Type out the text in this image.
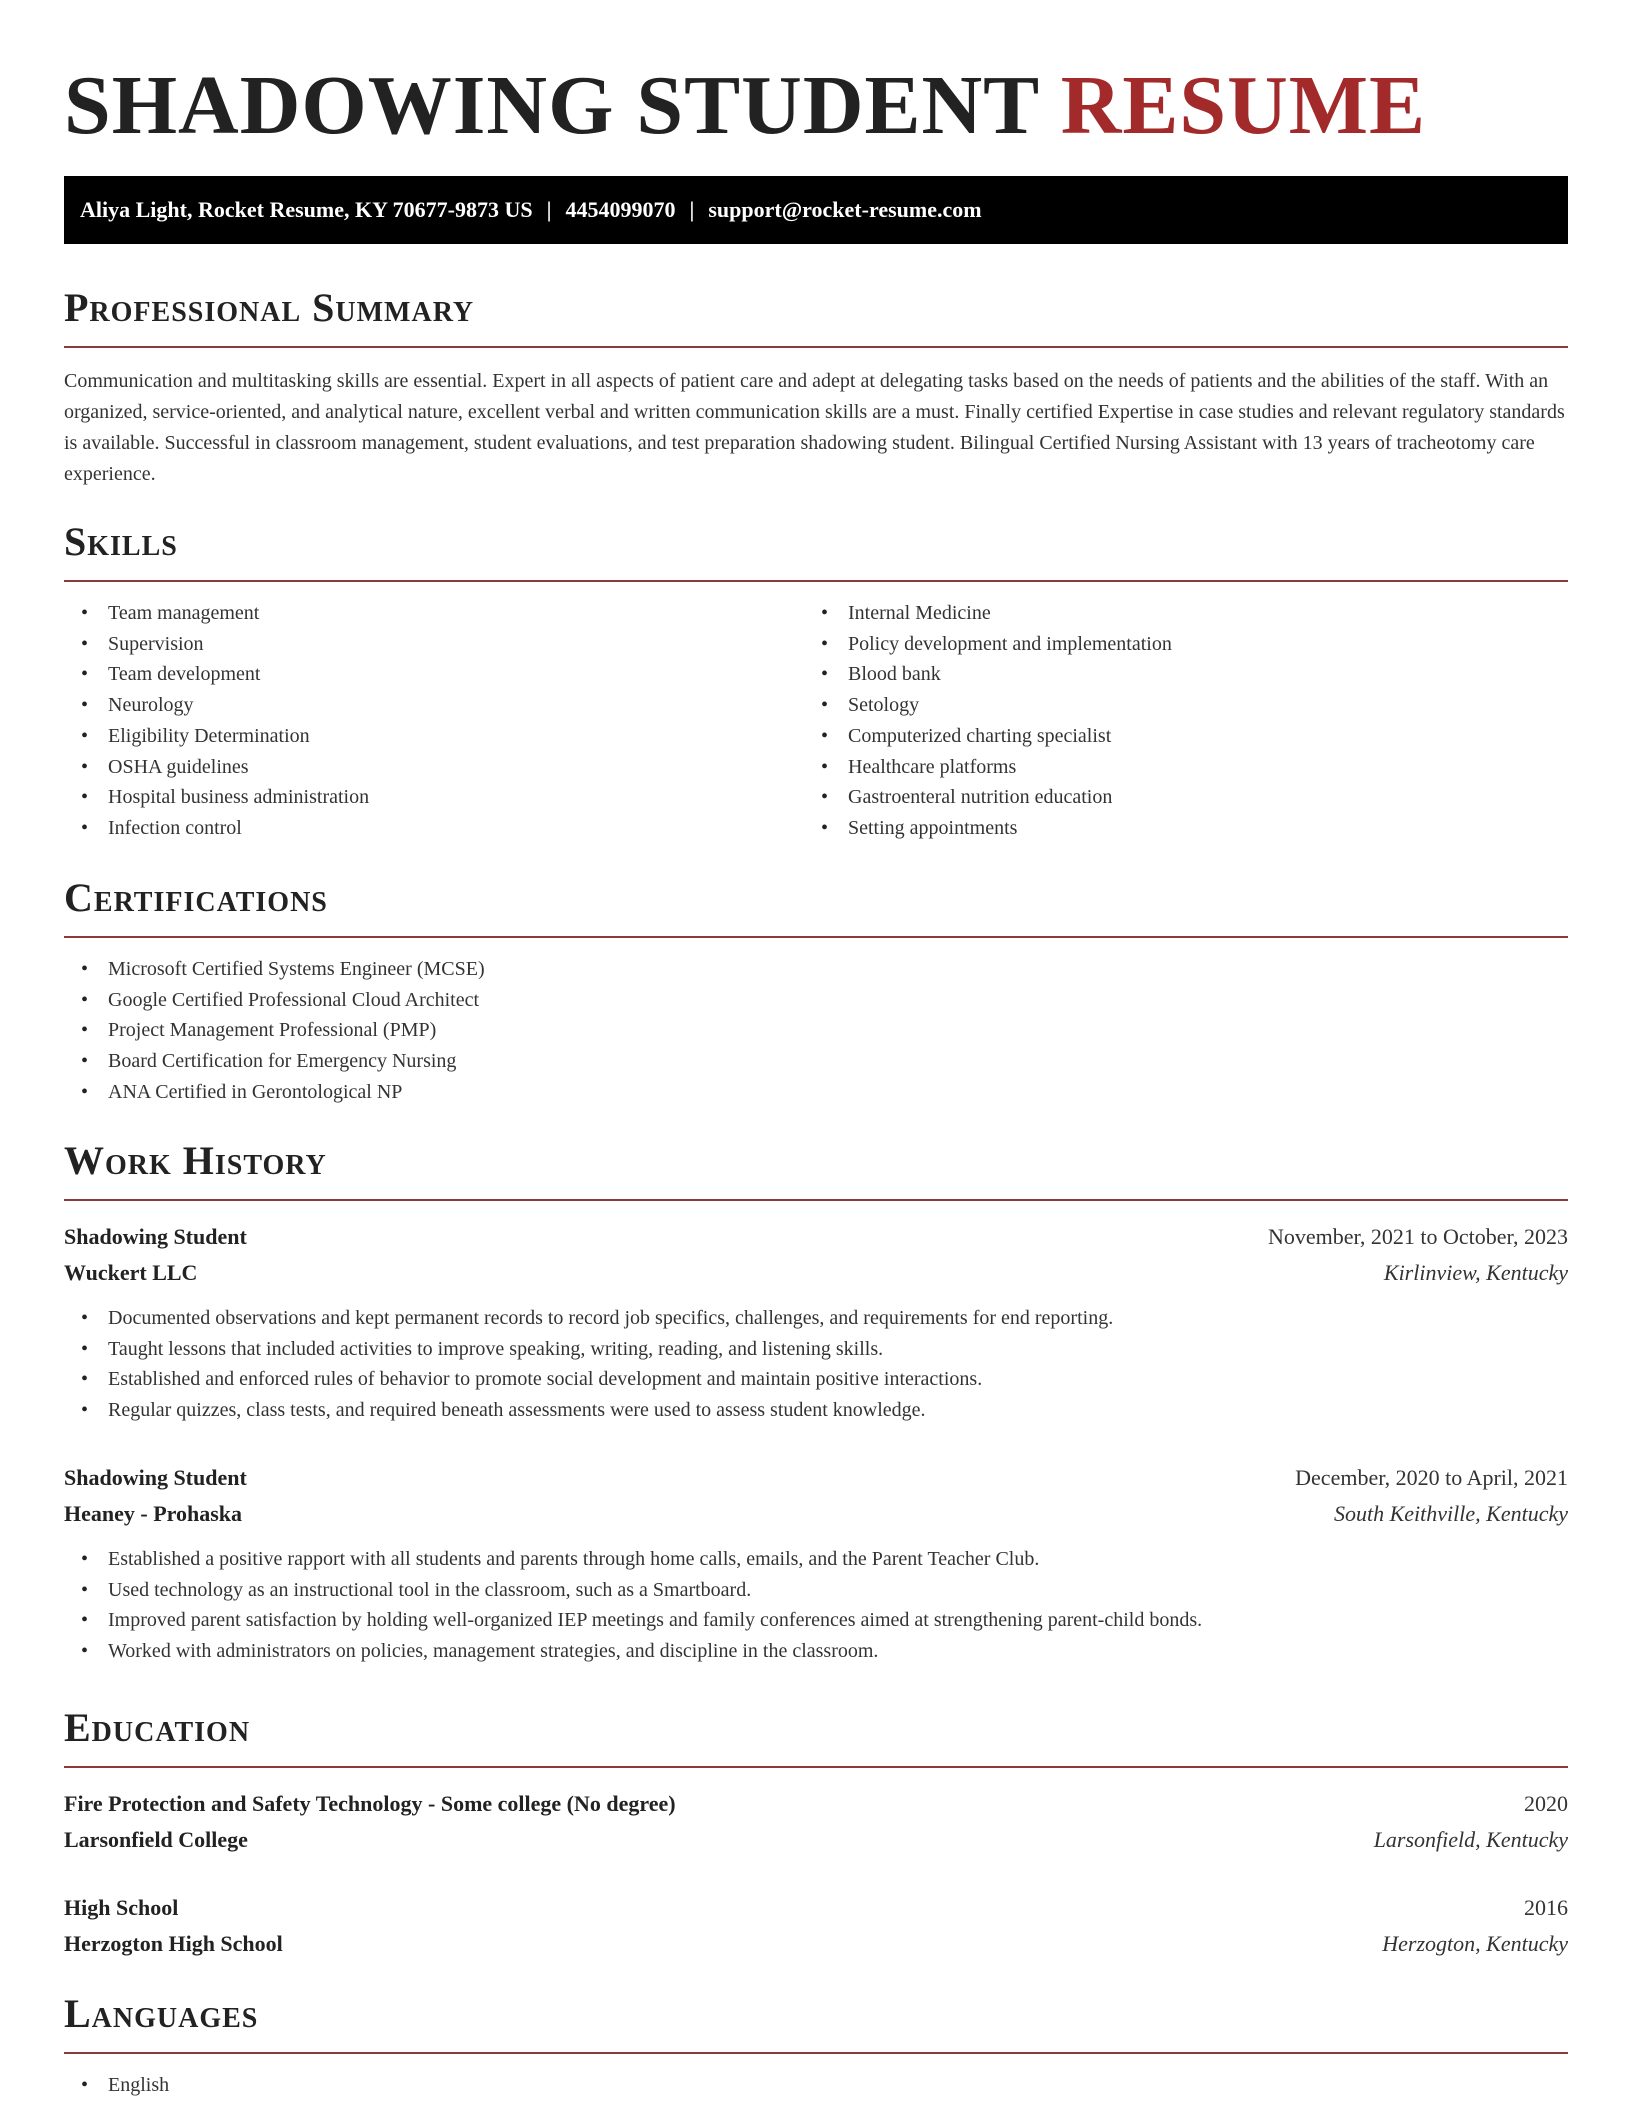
SHADOWING STUDENT RESUME
Aliya Light, Rocket Resume, KY 70677-9873 US | 4454099070 | support@rocket-resume.com
Professional Summary

Communication and multitasking skills are essential. Expert in all aspects of patient care and adept at delegating tasks based on the needs of patients and the abilities of the staff. With an organized, service-oriented, and analytical nature, excellent verbal and written communication skills are a must. Finally certified Expertise in case studies and relevant regulatory standards is available. Successful in classroom management, student evaluations, and test preparation shadowing student. Bilingual Certified Nursing Assistant with 13 years of tracheotomy care experience.

Skills
• Team management
• Supervision
• Team development
• Neurology
• Eligibility Determination
• OSHA guidelines
• Hospital business administration
• Infection control
• Internal Medicine
• Policy development and implementation
• Blood bank
• Setology
• Computerized charting specialist
• Healthcare platforms
• Gastroenteral nutrition education
• Setting appointments
Certifications
• Microsoft Certified Systems Engineer (MCSE)
• Google Certified Professional Cloud Architect
• Project Management Professional (PMP)
• Board Certification for Emergency Nursing
• ANA Certified in Gerontological NP
Work History
Shadowing Student	November, 2021 to October, 2023
Wuckert LLC	Kirlinview, Kentucky
• Documented observations and kept permanent records to record job specifics, challenges, and requirements for end reporting.
• Taught lessons that included activities to improve speaking, writing, reading, and listening skills.
• Established and enforced rules of behavior to promote social development and maintain positive interactions.
• Regular quizzes, class tests, and required beneath assessments were used to assess student knowledge.
Shadowing Student	December, 2020 to April, 2021
Heaney - Prohaska	South Keithville, Kentucky
• Established a positive rapport with all students and parents through home calls, emails, and the Parent Teacher Club.
• Used technology as an instructional tool in the classroom, such as a Smartboard.
• Improved parent satisfaction by holding well-organized IEP meetings and family conferences aimed at strengthening parent-child bonds.
• Worked with administrators on policies, management strategies, and discipline in the classroom.
Education
Fire Protection and Safety Technology - Some college (No degree)	2020
Larsonfield College	Larsonfield, Kentucky
High School	2016
Herzogton High School	Herzogton, Kentucky
Languages
• English
